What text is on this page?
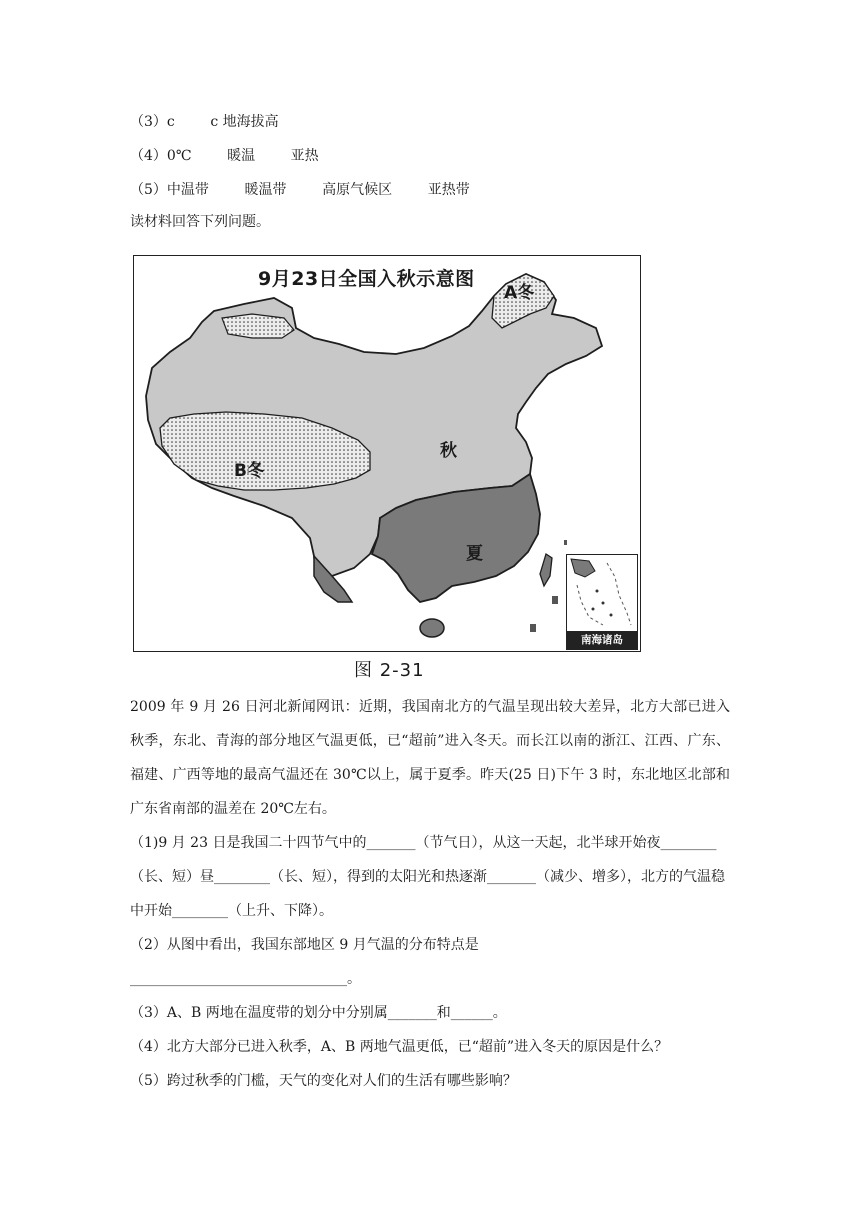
（3）c        c 地海拔高
（4）0℃        暖温        亚热
（5）中温带        暖温带        高原气候区        亚热带
读材料回答下列问题。
9月23日全国入秋示意图
A冬
B冬
秋
夏
南海诸岛
图 2-31
2009 年 9 月 26 日河北新闻网讯：近期，我国南北方的气温呈现出较大差异，北方大部已进入秋季，东北、青海的部分地区气温更低，已“超前”进入冬天。而长江以南的浙江、江西、广东、福建、广西等地的最高气温还在 30℃以上，属于夏季。昨天(25 日)下午 3 时，东北地区北部和广东省南部的温差在 20℃左右。
（1)9 月 23 日是我国二十四节气中的_______（节气日），从这一天起，北半球开始夜________（长、短）昼________（长、短），得到的太阳光和热逐渐_______（减少、增多），北方的气温稳中开始________（上升、下降）。
（2）从图中看出，我国东部地区 9 月气温的分布特点是
_______________________________。
（3）A、B 两地在温度带的划分中分别属_______和______。
（4）北方大部分已进入秋季，A、B 两地气温更低，已“超前”进入冬天的原因是什么？
（5）跨过秋季的门槛，天气的变化对人们的生活有哪些影响？
